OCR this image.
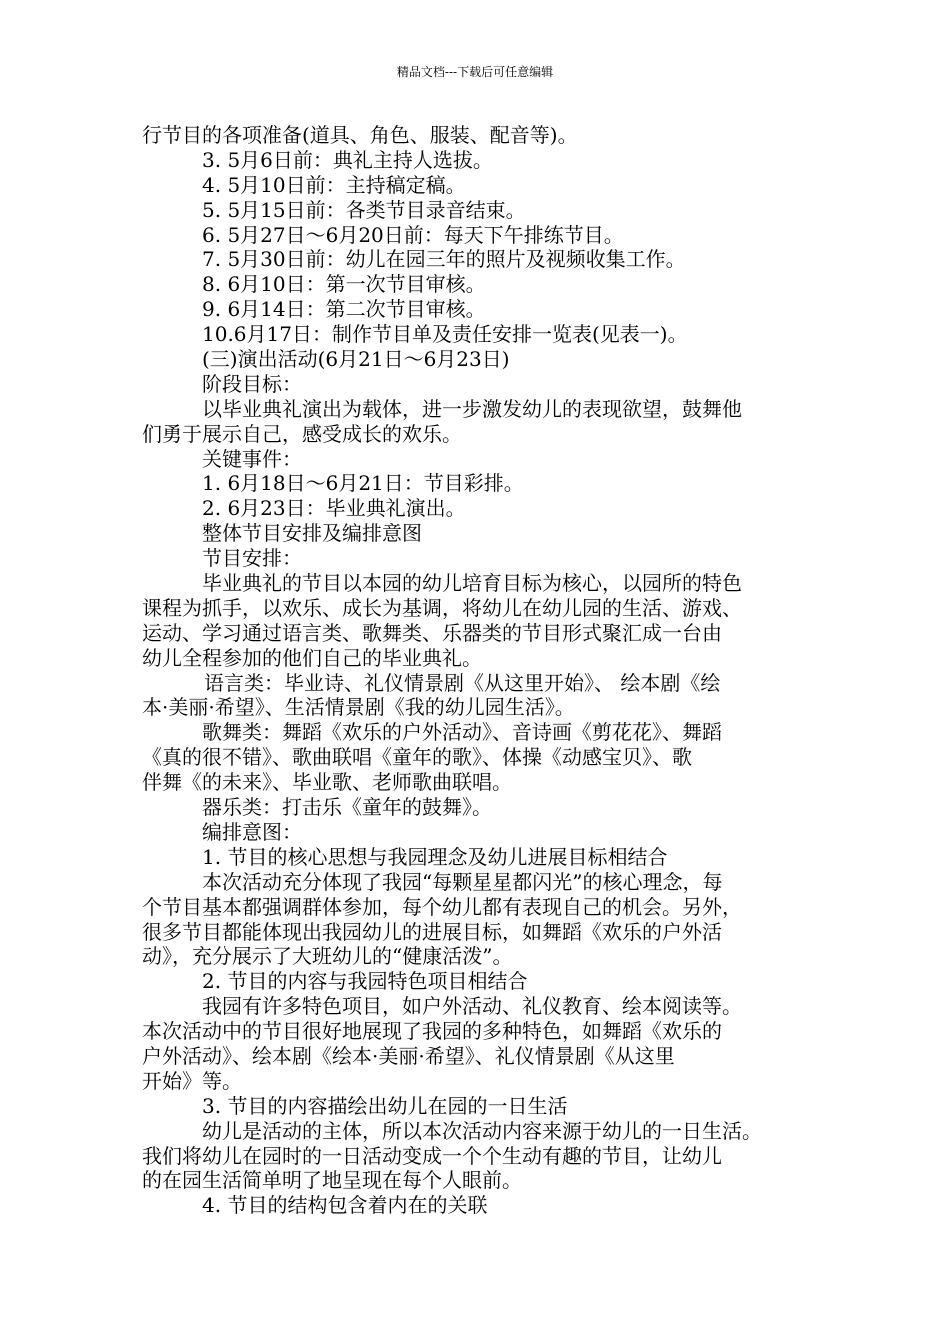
精品文档---下载后可任意编辑
行节目的各项准备(道具、角色、服装、配音等)。
3. 5月6日前：典礼主持人选拔。
4. 5月10日前：主持稿定稿。
5. 5月15日前：各类节目录音结束。
6. 5月27日～6月20日前：每天下午排练节目。
7. 5月30日前：幼儿在园三年的照片及视频收集工作。
8. 6月10日：第一次节目审核。
9. 6月14日：第二次节目审核。
10.6月17日：制作节目单及责任安排一览表(见表一)。
(三)演出活动(6月21日～6月23日)
阶段目标：
以毕业典礼演出为载体，进一步激发幼儿的表现欲望，鼓舞他
们勇于展示自己，感受成长的欢乐。
关键事件：
1. 6月18日～6月21日：节目彩排。
2. 6月23日：毕业典礼演出。
整体节目安排及编排意图
节目安排：
毕业典礼的节目以本园的幼儿培育目标为核心，以园所的特色
课程为抓手，以欢乐、成长为基调，将幼儿在幼儿园的生活、游戏、
运动、学习通过语言类、歌舞类、乐器类的节目形式聚汇成一台由
幼儿全程参加的他们自己的毕业典礼。
语言类：毕业诗、礼仪情景剧《从这里开始》、 绘本剧《绘
本·美丽·希望》、生活情景剧《我的幼儿园生活》。
歌舞类：舞蹈《欢乐的户外活动》、音诗画《剪花花》、舞蹈
《真的很不错》、歌曲联唱《童年的歌》、体操《动感宝贝》、歌
伴舞《的未来》、毕业歌、老师歌曲联唱。
器乐类：打击乐《童年的鼓舞》。
编排意图：
1. 节目的核心思想与我园理念及幼儿进展目标相结合
本次活动充分体现了我园“每颗星星都闪光”的核心理念，每
个节目基本都强调群体参加，每个幼儿都有表现自己的机会。另外，
很多节目都能体现出我园幼儿的进展目标，如舞蹈《欢乐的户外活
动》，充分展示了大班幼儿的“健康活泼”。
2. 节目的内容与我园特色项目相结合
我园有许多特色项目，如户外活动、礼仪教育、绘本阅读等。
本次活动中的节目很好地展现了我园的多种特色，如舞蹈《欢乐的
户外活动》、绘本剧《绘本·美丽·希望》、礼仪情景剧《从这里
开始》等。
3. 节目的内容描绘出幼儿在园的一日生活
幼儿是活动的主体，所以本次活动内容来源于幼儿的一日生活。
我们将幼儿在园时的一日活动变成一个个生动有趣的节目，让幼儿
的在园生活简单明了地呈现在每个人眼前。
4. 节目的结构包含着内在的关联
